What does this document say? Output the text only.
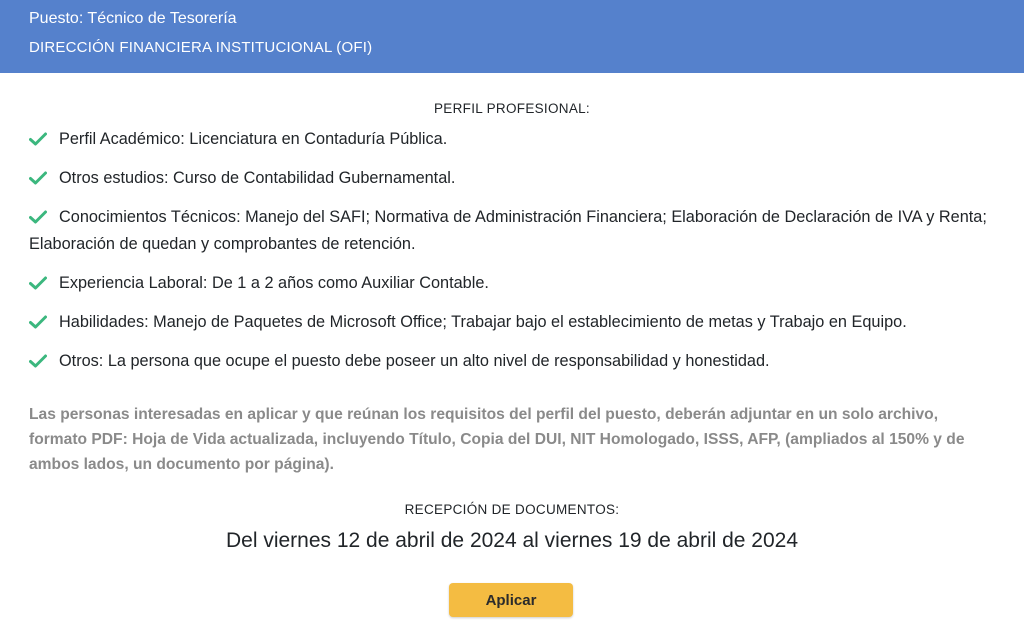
Puesto: Técnico de Tesorería
DIRECCIÓN FINANCIERA INSTITUCIONAL (OFI)
PERFIL PROFESIONAL:
Perfil Académico: Licenciatura en Contaduría Pública.
Otros estudios: Curso de Contabilidad Gubernamental.
Conocimientos Técnicos: Manejo del SAFI; Normativa de Administración Financiera; Elaboración de Declaración de IVA y Renta; Elaboración de quedan y comprobantes de retención.
Experiencia Laboral: De 1 a 2 años como Auxiliar Contable.
Habilidades: Manejo de Paquetes de Microsoft Office; Trabajar bajo el establecimiento de metas y Trabajo en Equipo.
Otros: La persona que ocupe el puesto debe poseer un alto nivel de responsabilidad y honestidad.
Las personas interesadas en aplicar y que reúnan los requisitos del perfil del puesto, deberán adjuntar en un solo archivo, formato PDF: Hoja de Vida actualizada, incluyendo Título, Copia del DUI, NIT Homologado, ISSS, AFP, (ampliados al 150% y de ambos lados, un documento por página).
RECEPCIÓN DE DOCUMENTOS:
Del viernes 12 de abril de 2024 al viernes 19 de abril de 2024
Aplicar
